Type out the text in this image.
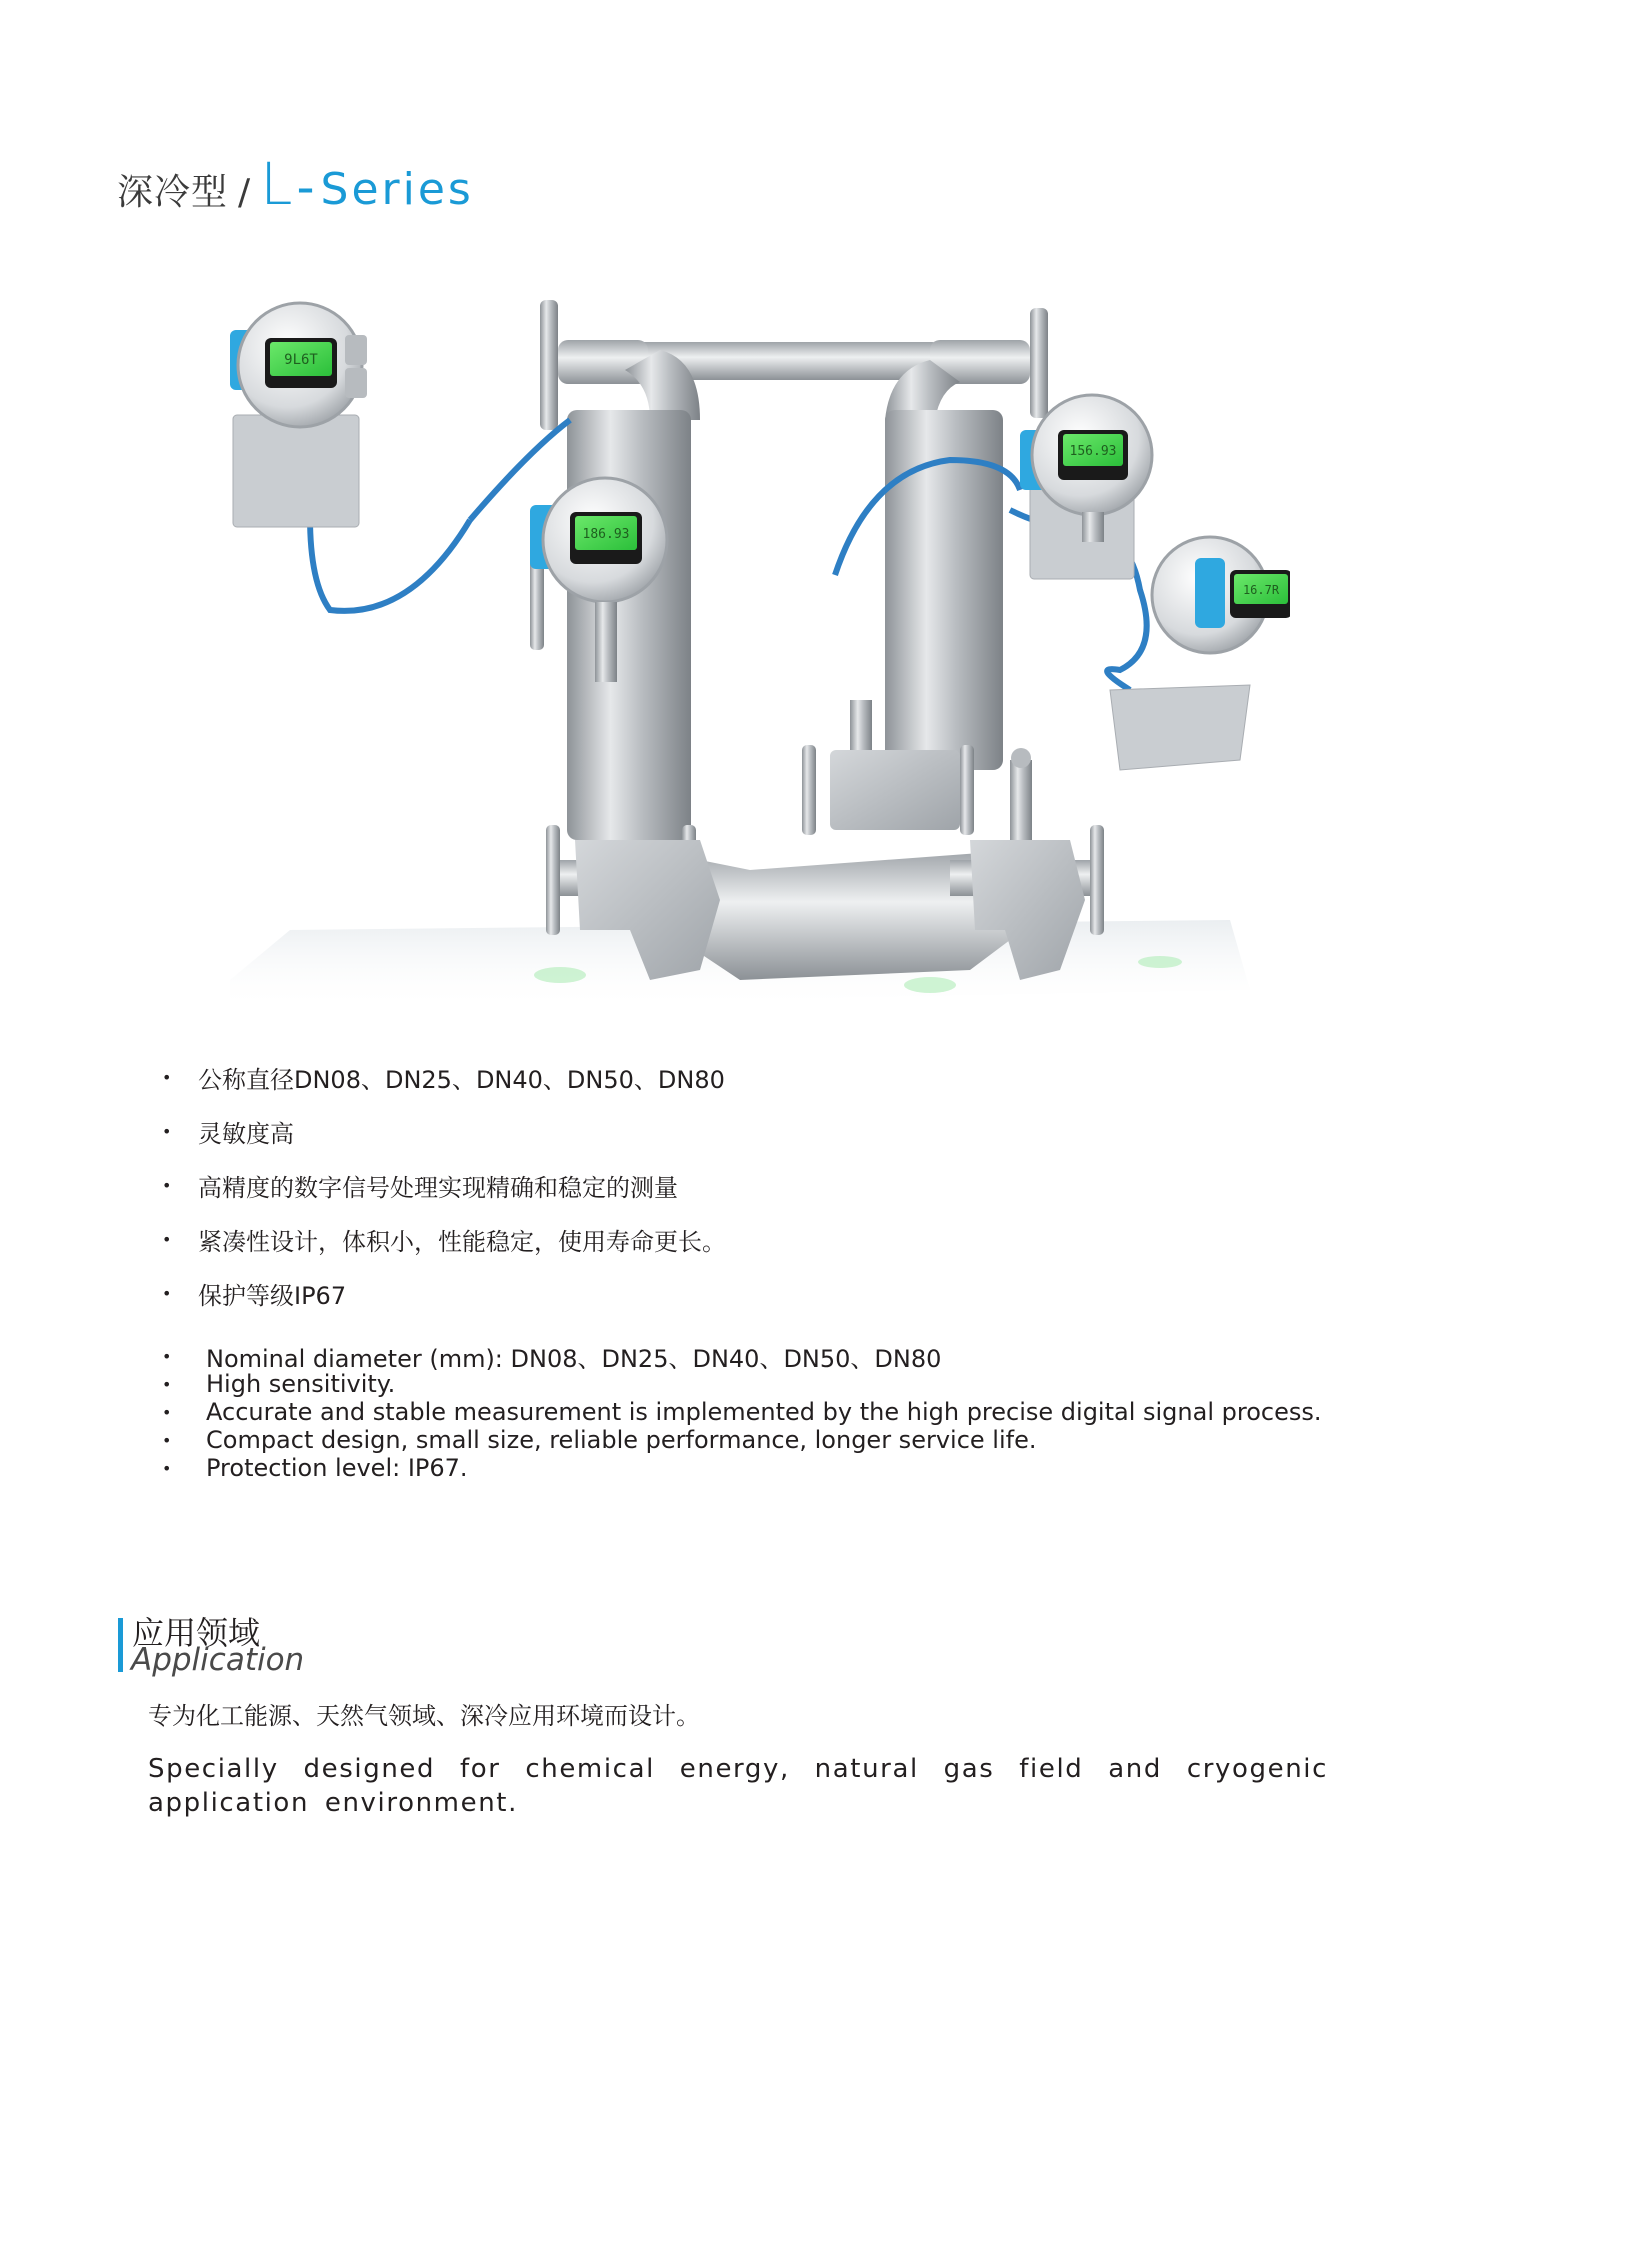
深冷型 / L - Series
9L6T
186.93
156.93
16.7R
•	公称直径DN08、DN25、DN40、DN50、DN80
•	灵敏度高
•	高精度的数字信号处理实现精确和稳定的测量
•	紧凑性设计，体积小，性能稳定，使用寿命更长。
•	保护等级IP67
•	Nominal diameter (mm): DN08、DN25、DN40、DN50、DN80
•	High sensitivity.
•	Accurate and stable measurement is implemented by the high precise digital signal process.
•	Compact design, small size, reliable performance, longer service life.
•	Protection level: IP67.
应用领域
Application
专为化工能源、天然气领域、深冷应用环境而设计。
Specially designed for chemical energy, natural gas field and cryogenic application environment.
